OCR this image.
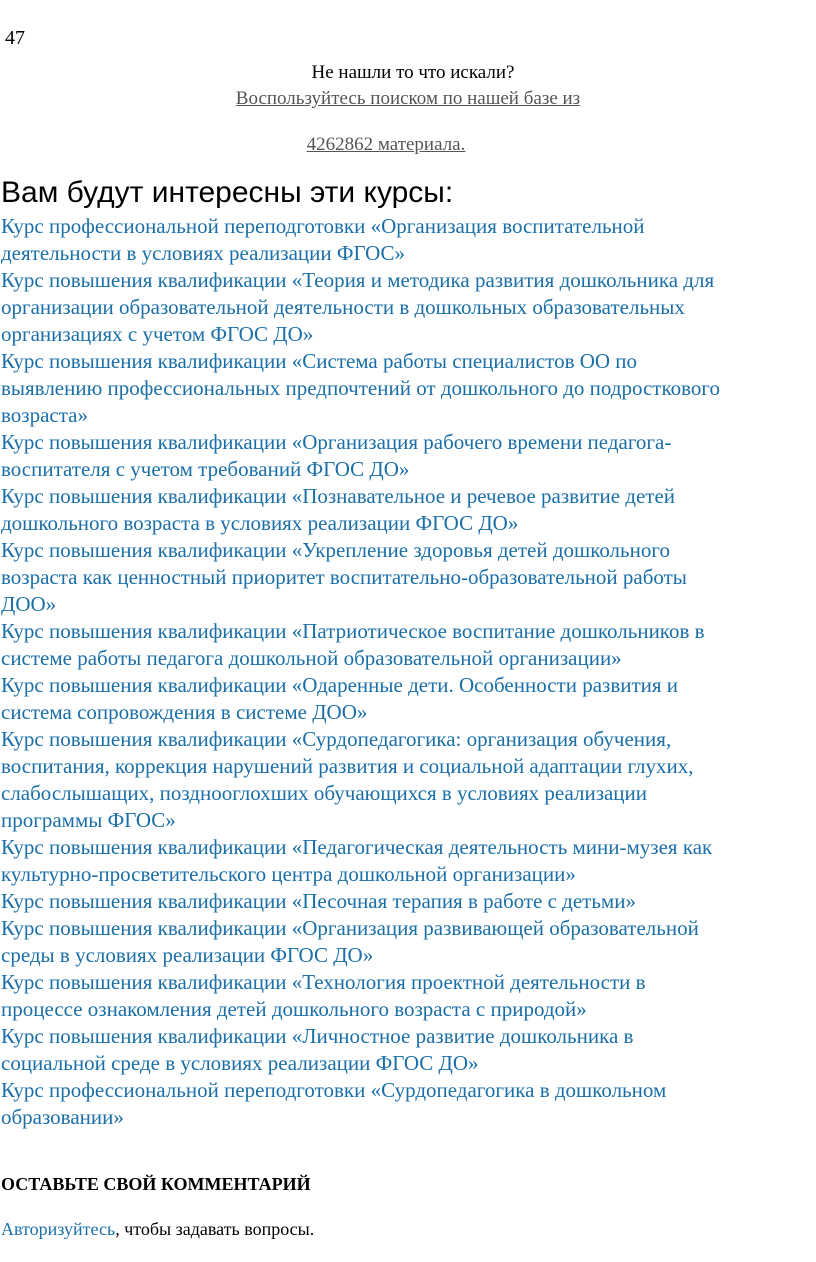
47
Не нашли то что искали?
Воспользуйтесь поиском по нашей базе из
4262862 материала.
Вам будут интересны эти курсы:
Курс профессиональной переподготовки «Организация воспитательной
деятельности в условиях реализации ФГОС»
Курс повышения квалификации «Теория и методика развития дошкольника для
организации образовательной деятельности в дошкольных образовательных
организациях с учетом ФГОС ДО»
Курс повышения квалификации «Система работы специалистов ОО по
выявлению профессиональных предпочтений от дошкольного до подросткового
возраста»
Курс повышения квалификации «Организация рабочего времени педагога-
воспитателя с учетом требований ФГОС ДО»
Курс повышения квалификации «Познавательное и речевое развитие детей
дошкольного возраста в условиях реализации ФГОС ДО»
Курс повышения квалификации «Укрепление здоровья детей дошкольного
возраста как ценностный приоритет воспитательно-образовательной работы
ДОО»
Курс повышения квалификации «Патриотическое воспитание дошкольников в
системе работы педагога дошкольной образовательной организации»
Курс повышения квалификации «Одаренные дети. Особенности развития и
система сопровождения в системе ДОО»
Курс повышения квалификации «Сурдопедагогика: организация обучения,
воспитания, коррекция нарушений развития и социальной адаптации глухих,
слабослышащих, позднооглохших обучающихся в условиях реализации
программы ФГОС»
Курс повышения квалификации «Педагогическая деятельность мини-музея как
культурно-просветительского центра дошкольной организации»
Курс повышения квалификации «Песочная терапия в работе с детьми»
Курс повышения квалификации «Организация развивающей образовательной
среды в условиях реализации ФГОС ДО»
Курс повышения квалификации «Технология проектной деятельности в
процессе ознакомления детей дошкольного возраста с природой»
Курс повышения квалификации «Личностное развитие дошкольника в
социальной среде в условиях реализации ФГОС ДО»
Курс профессиональной переподготовки «Сурдопедагогика в дошкольном
образовании»
ОСТАВЬТЕ СВОЙ КОММЕНТАРИЙ
Авторизуйтесь, чтобы задавать вопросы.
